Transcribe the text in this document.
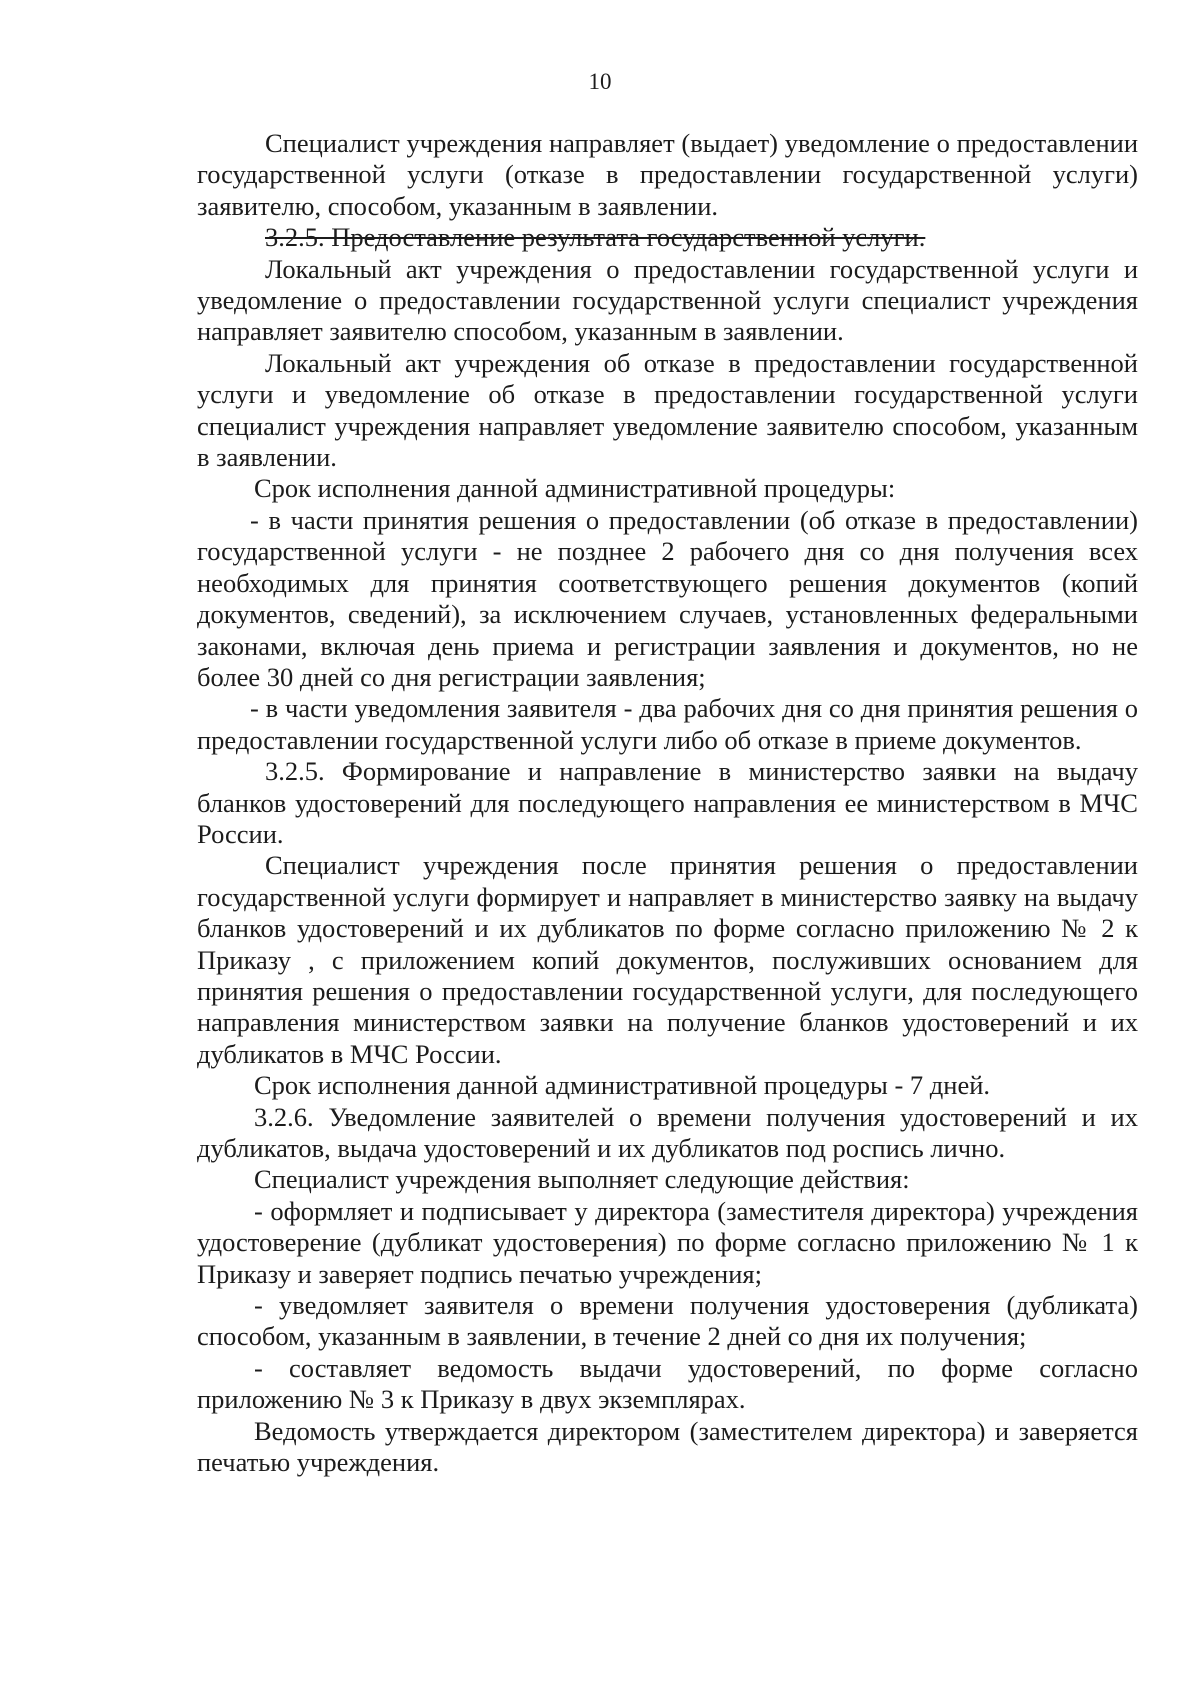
10

Специалист учреждения направляет (выдает) уведомление о предоставлении государственной услуги (отказе в предоставлении государственной услуги) заявителю, способом, указанным в заявлении.

3.2.5. Предоставление результата государственной услуги.

Локальный акт учреждения о предоставлении государственной услуги и уведомление о предоставлении государственной услуги специалист учреждения направляет заявителю способом, указанным в заявлении.

Локальный акт учреждения об отказе в предоставлении государственной услуги и уведомление об отказе в предоставлении государственной услуги специалист учреждения направляет уведомление заявителю способом, указанным в заявлении.

Срок исполнения данной административной процедуры:

- в части принятия решения о предоставлении (об отказе в предоставлении) государственной услуги - не позднее 2 рабочего дня со дня получения всех необходимых для принятия соответствующего решения документов (копий документов, сведений), за исключением случаев, установленных федеральными законами, включая день приема и регистрации заявления и документов, но не более 30 дней со дня регистрации заявления;

- в части уведомления заявителя - два рабочих дня со дня принятия решения о предоставлении государственной услуги либо об отказе в приеме документов.

3.2.5. Формирование и направление в министерство заявки на выдачу бланков удостоверений для последующего направления ее министерством в МЧС России.

Специалист учреждения после принятия решения о предоставлении государственной услуги формирует и направляет в министерство заявку на выдачу бланков удостоверений и их дубликатов по форме согласно приложению № 2 к Приказу , с приложением копий документов, послуживших основанием для принятия решения о предоставлении государственной услуги, для последующего направления министерством заявки на получение бланков удостоверений и их дубликатов в МЧС России.

Срок исполнения данной административной процедуры - 7 дней.

3.2.6. Уведомление заявителей о времени получения удостоверений и их дубликатов, выдача удостоверений и их дубликатов под роспись лично.

Специалист учреждения выполняет следующие действия:

- оформляет и подписывает у директора (заместителя директора) учреждения удостоверение (дубликат удостоверения) по форме согласно приложению № 1 к Приказу и заверяет подпись печатью учреждения;

- уведомляет заявителя о времени получения удостоверения (дубликата) способом, указанным в заявлении, в течение 2 дней со дня их получения;

- составляет ведомость выдачи удостоверений, по форме согласно приложению № 3 к Приказу в двух экземплярах.

Ведомость утверждается директором (заместителем директора) и заверяется печатью учреждения.
